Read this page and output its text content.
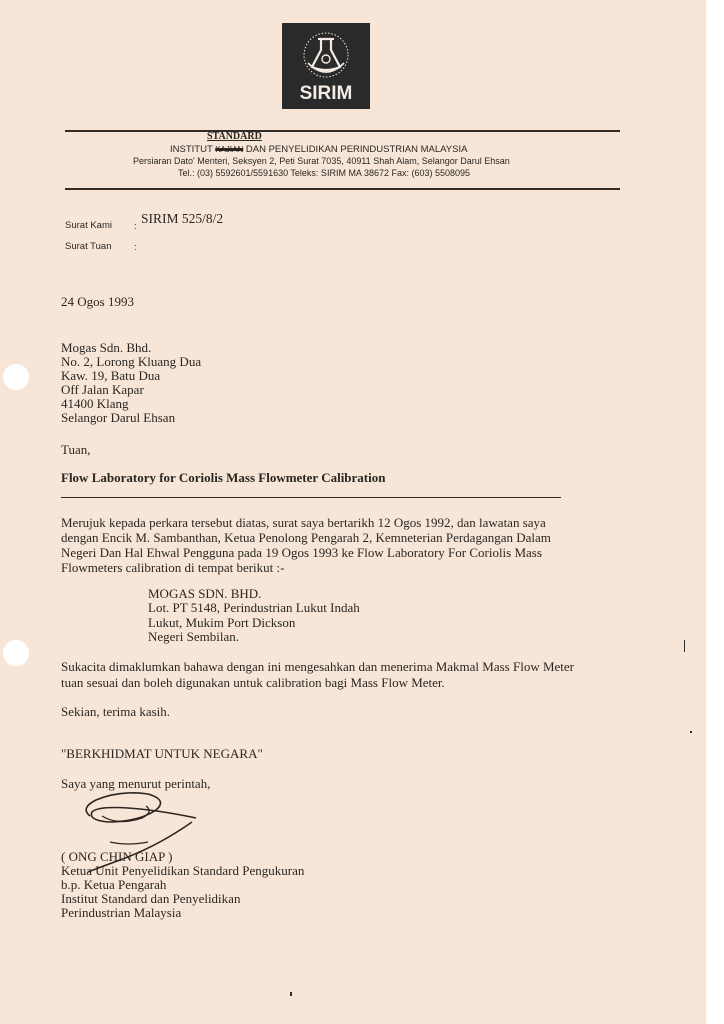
SIRIM
STANDARD
INSTITUT KAJIAN DAN PENYELIDIKAN PERINDUSTRIAN MALAYSIA
Persiaran Dato' Menteri, Seksyen 2, Peti Surat 7035, 40911 Shah Alam, Selangor Darul Ehsan
Tel.: (03) 5592601/5591630 Teleks: SIRIM MA 38672 Fax: (603) 5508095
Surat Kami :
SIRIM 525/8/2
Surat Tuan :
24 Ogos 1993
Mogas Sdn. Bhd.
No. 2, Lorong Kluang Dua
Kaw. 19, Batu Dua
Off Jalan Kapar
41400 Klang
Selangor Darul Ehsan
Tuan,
Flow Laboratory for Coriolis Mass Flowmeter Calibration
Merujuk kepada perkara tersebut diatas, surat saya bertarikh 12 Ogos 1992, dan lawatan saya
dengan Encik M. Sambanthan, Ketua Penolong Pengarah 2, Kemneterian Perdagangan Dalam
Negeri Dan Hal Ehwal Pengguna pada 19 Ogos 1993 ke Flow Laboratory For Coriolis Mass
Flowmeters calibration di tempat berikut :-
MOGAS SDN. BHD.
Lot. PT 5148, Perindustrian Lukut Indah
Lukut, Mukim Port Dickson
Negeri Sembilan.
Sukacita dimaklumkan bahawa dengan ini mengesahkan dan menerima Makmal Mass Flow Meter
tuan sesuai dan boleh digunakan untuk calibration bagi Mass Flow Meter.
Sekian, terima kasih.
"BERKHIDMAT UNTUK NEGARA"
Saya yang menurut perintah,
( ONG CHIN GIAP )
Ketua Unit Penyelidikan Standard Pengukuran
b.p. Ketua Pengarah
Institut Standard dan Penyelidikan
Perindustrian Malaysia
